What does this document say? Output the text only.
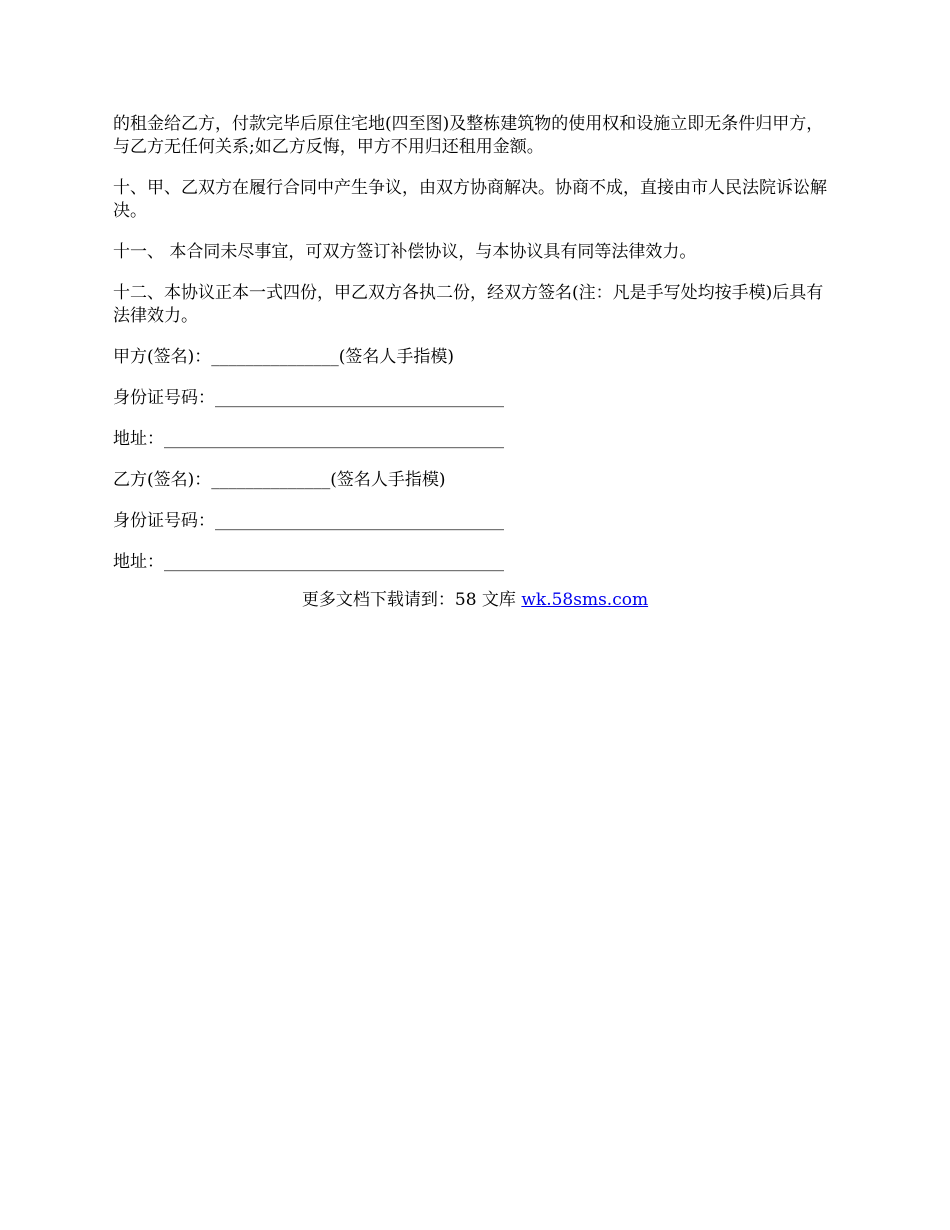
的租金给乙方，付款完毕后原住宅地(四至图)及整栋建筑物的使用权和设施立即无条件归甲方，与乙方无任何关系;如乙方反悔，甲方不用归还租用金额。

十、甲、乙双方在履行合同中产生争议，由双方协商解决。协商不成，直接由市人民法院诉讼解决。

十一、 本合同未尽事宜，可双方签订补偿协议，与本协议具有同等法律效力。

十二、本协议正本一式四份，甲乙双方各执二份，经双方签名(注：凡是手写处均按手模)后具有法律效力。

甲方(签名)：_______________(签名人手指模)
身份证号码：__________________________________
地址：________________________________________
乙方(签名)：______________(签名人手指模)
身份证号码：__________________________________
地址：________________________________________
更多文档下载请到：58 文库 wk.58sms.com
